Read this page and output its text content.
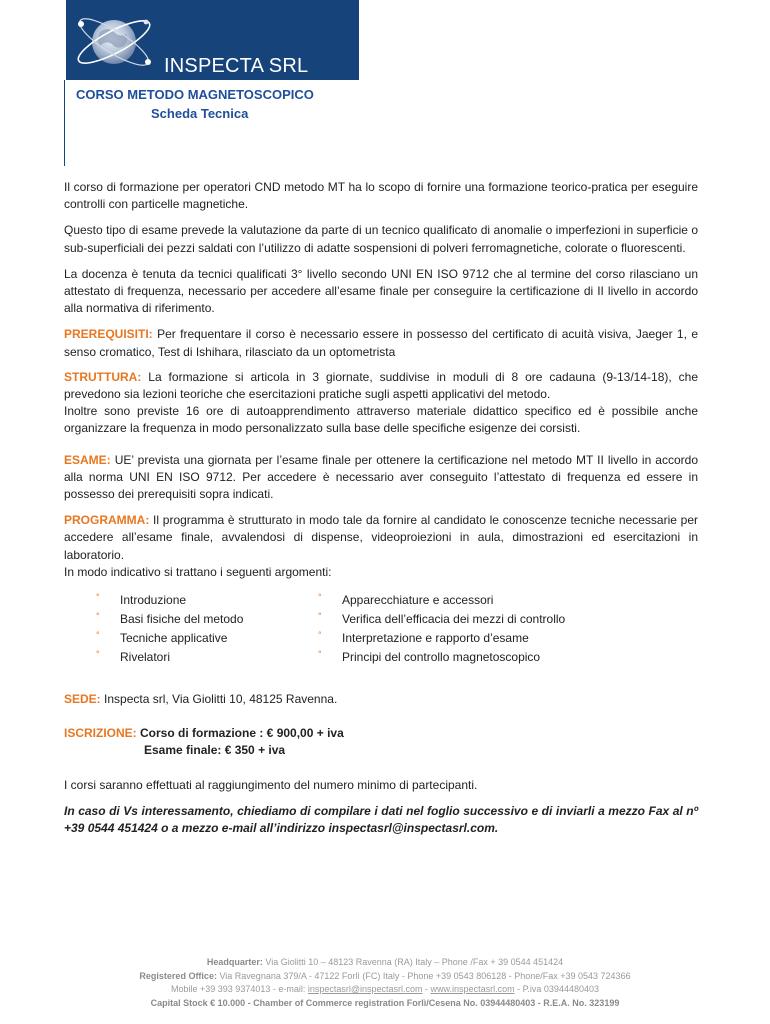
INSPECTA SRL
CORSO METODO MAGNETOSCOPICO
Scheda Tecnica

Il corso di formazione per operatori CND metodo MT ha lo scopo di fornire una formazione teorico-pratica per eseguire controlli con particelle magnetiche.

Questo tipo di esame prevede la valutazione da parte di un tecnico qualificato di anomalie o imperfezioni in superficie o sub-superficiali dei pezzi saldati con l’utilizzo di adatte sospensioni di polveri ferromagnetiche, colorate o fluorescenti.

La docenza è tenuta da tecnici qualificati 3° livello secondo UNI EN ISO 9712 che al termine del corso rilasciano un attestato di frequenza, necessario per accedere all’esame finale per conseguire la certificazione di II livello in accordo alla normativa di riferimento.

PREREQUISITI: Per frequentare il corso è necessario essere in possesso del certificato di acuità visiva, Jaeger 1, e senso cromatico, Test di Ishihara, rilasciato da un optometrista

STRUTTURA: La formazione si articola in 3 giornate, suddivise in moduli di 8 ore cadauna (9-13/14-18), che prevedono sia lezioni teoriche che esercitazioni pratiche sugli aspetti applicativi del metodo.

Inoltre sono previste 16 ore di autoapprendimento attraverso materiale didattico specifico ed è possibile anche organizzare la frequenza in modo personalizzato sulla base delle specifiche esigenze dei corsisti.

ESAME: UE’ prevista una giornata per l’esame finale per ottenere la certificazione nel metodo MT II livello in accordo alla norma UNI EN ISO 9712. Per accedere è necessario aver conseguito l’attestato di frequenza ed essere in possesso dei prerequisiti sopra indicati.

PROGRAMMA: Il programma è strutturato in modo tale da fornire al candidato le conoscenze tecniche necessarie per accedere all’esame finale, avvalendosi di dispense, videoproiezioni in aula, dimostrazioni ed esercitazioni in laboratorio.

In modo indicativo si trattano i seguenti argomenti:

° Introduzione
° Basi fisiche del metodo
° Tecniche applicative
° Rivelatori
° Apparecchiature e accessori
° Verifica dell’efficacia dei mezzi di controllo
° Interpretazione e rapporto d’esame
° Principi del controllo magnetoscopico

SEDE: Inspecta srl, Via Giolitti 10, 48125 Ravenna.

ISCRIZIONE: Corso di formazione : € 900,00 + iva

Esame finale: € 350 + iva

I corsi saranno effettuati al raggiungimento del numero minimo di partecipanti.

In caso di Vs interessamento, chiediamo di compilare i dati nel foglio successivo e di inviarli a mezzo Fax al nº +39 0544 451424 o a mezzo e-mail all’indirizzo inspectasrl@inspectasrl.com.

Headquarter: Via Giolitti 10 – 48123 Ravenna (RA) Italy – Phone /Fax + 39 0544 451424
Registered Office: Via Ravegnana 379/A - 47122 Forlì (FC) Italy - Phone +39 0543 806128 - Phone/Fax +39 0543 724366
Mobile +39 393 9374013 - e-mail: inspectasrl@inspectasrl.com - www.inspectasrl.com - P.iva 03944480403
Capital Stock € 10.000 - Chamber of Commerce registration Forlì/Cesena No. 03944480403 - R.E.A. No. 323199
